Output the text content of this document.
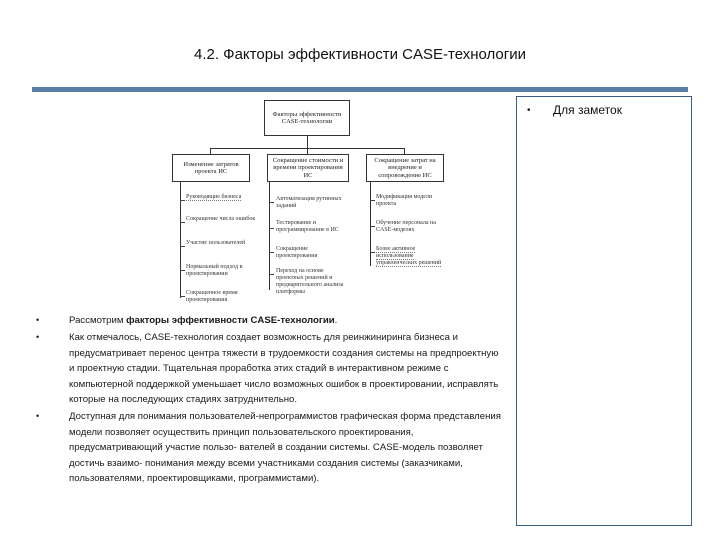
4.2. Факторы эффективности CASE-технологии
• Для заметок
Факторы эффективности CASE-технологии
Изменение затратов проекта ИС
Сокращение стоимости и времени проектирования ИС
Сокращение затрат на внедрение и сопровождение ИС
Руководящие бизнеса
Сокращение числа ошибок
Участие пользователей
Нормальный подход в проектировании
Сокращенное время проектирования
Автоматизация рутинных заданий
Тестирование и программирование в ИС
Сокращение проектирования
Переход на основе проектных решений и предварительного анализа платформы
Модификация модели проекта
Обучение персонала на CASE-моделях
Более активное использование управленческих решений

•	Рассмотрим факторы эффективности CASE-технологии.

•	Как отмечалось, CASE-технология создает возможность для реинжиниринга бизнеса и предусматривает перенос центра тяжести в трудоемкости создания системы на предпроектную и проектную стадии. Тщательная проработка этих стадий в интерактивном режиме с компьютерной поддержкой уменьшает число возможных ошибок в проектировании, исправлять которые на последующих стадиях затруднительно.

•	Доступная для понимания пользователей-непрограммистов графическая форма представления модели позволяет осуществить принцип пользовательского проектирования, предусматривающий участие пользо- вателей в создании системы. CASE-модель позволяет достичь взаимо- понимания между всеми участниками создания системы (заказчиками, пользователями, проектировщиками, программистами).
